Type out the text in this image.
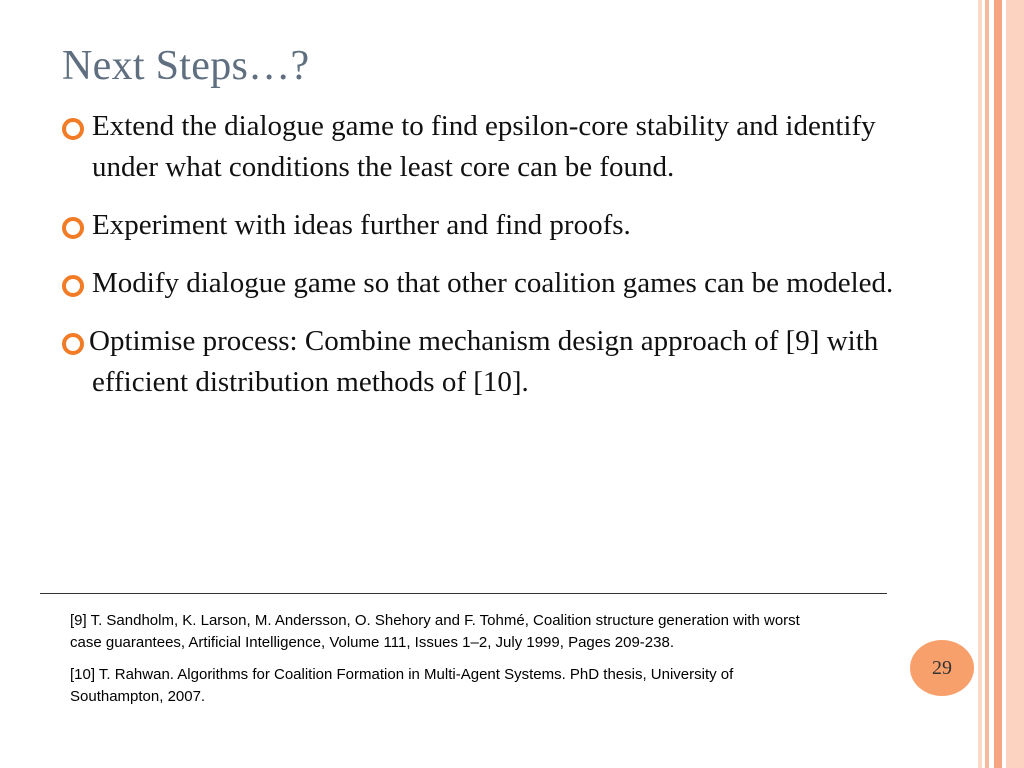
Next Steps…?
Extend the dialogue game to find epsilon-core stability and identify under what conditions the least core can be found.
Experiment with ideas further and find proofs.
Modify dialogue game so that other coalition games can be modeled.
Optimise process: Combine mechanism design approach of [9] with efficient distribution methods of [10].
[9] T. Sandholm, K. Larson, M. Andersson, O. Shehory and F. Tohmé, Coalition structure generation with worst case guarantees, Artificial Intelligence, Volume 111, Issues 1–2, July 1999, Pages 209-238.
[10] T. Rahwan. Algorithms for Coalition Formation in Multi-Agent Systems. PhD thesis, University of Southampton, 2007.
29
